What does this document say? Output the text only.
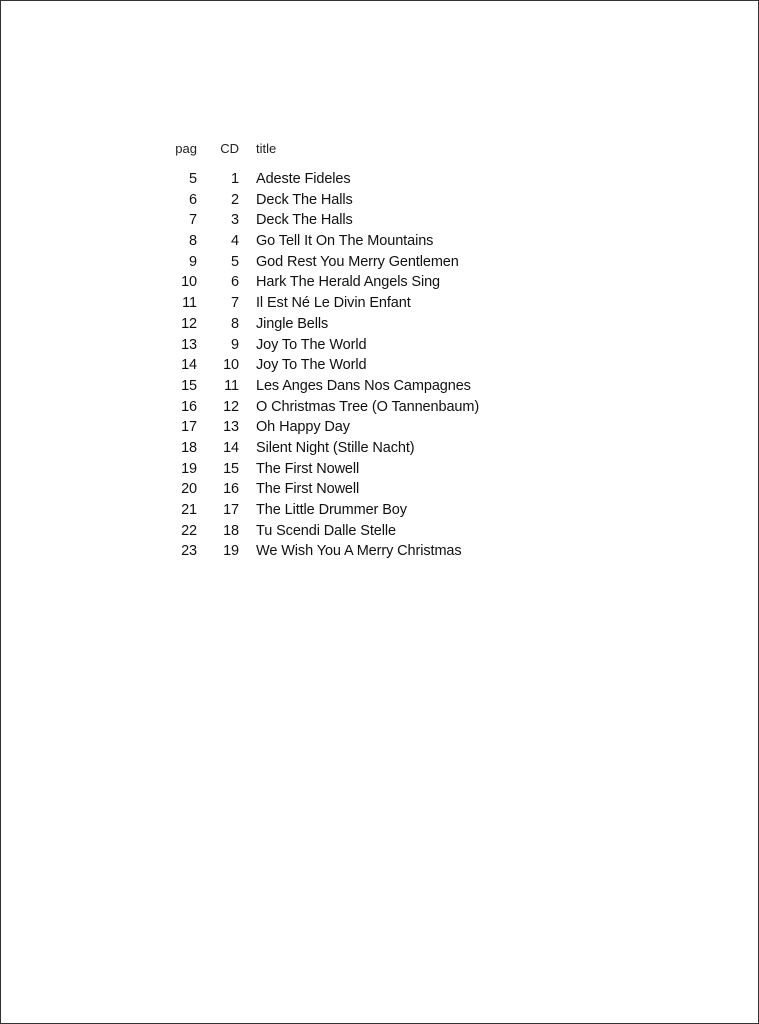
pag	CD	title
5	1	Adeste Fideles
6	2	Deck The Halls
7	3	Deck The Halls
8	4	Go Tell It On The Mountains
9	5	God Rest You Merry Gentlemen
10	6	Hark The Herald Angels Sing
11	7	Il Est Né Le Divin Enfant
12	8	Jingle Bells
13	9	Joy To The World
14	10	Joy To The World
15	11	Les Anges Dans Nos Campagnes
16	12	O Christmas Tree (O Tannenbaum)
17	13	Oh Happy Day
18	14	Silent Night (Stille Nacht)
19	15	The First Nowell
20	16	The First Nowell
21	17	The Little Drummer Boy
22	18	Tu Scendi Dalle Stelle
23	19	We Wish You A Merry Christmas
